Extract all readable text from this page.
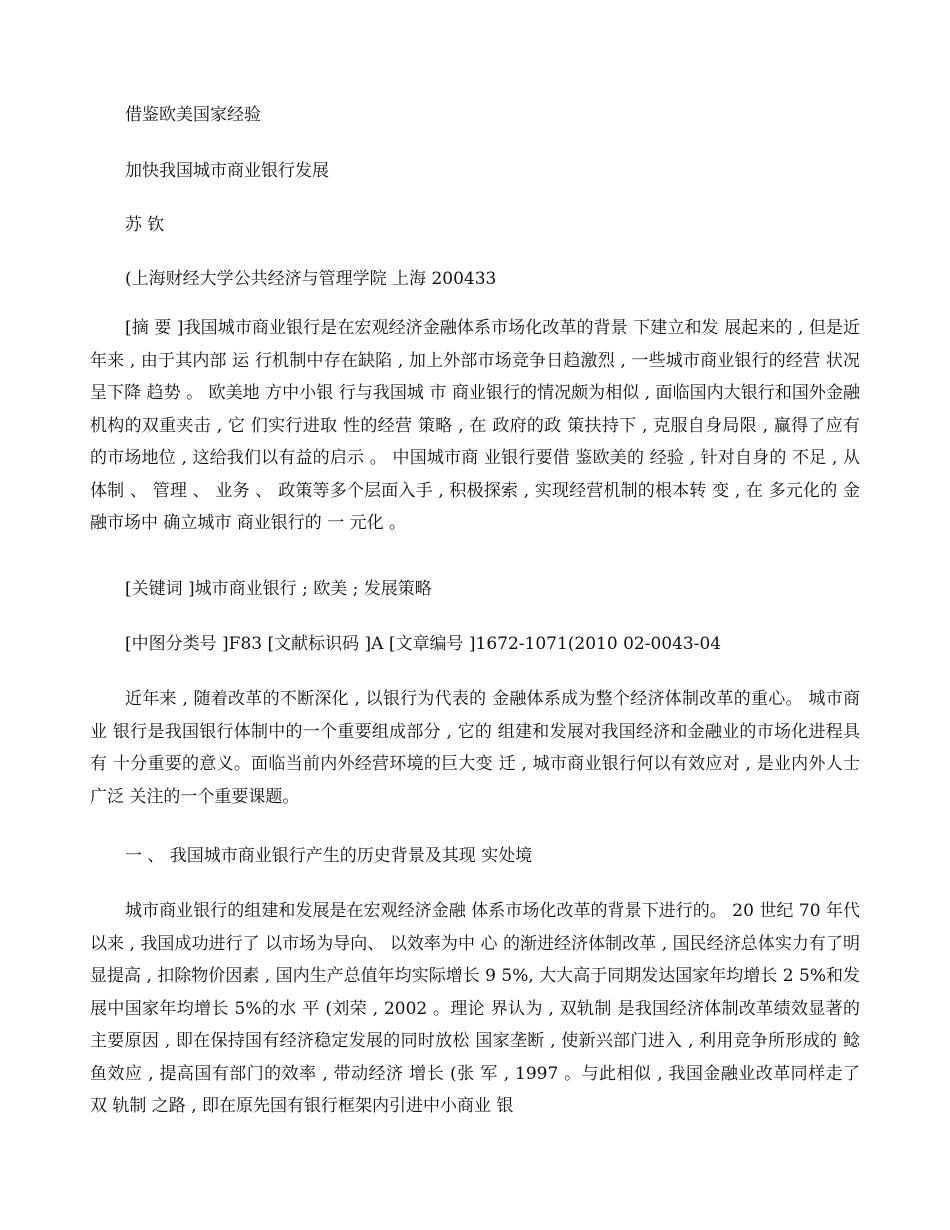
借鉴欧美国家经验
加快我国城市商业银行发展
苏 钦
(上海财经大学公共经济与管理学院 上海 200433
[摘 要 ]我国城市商业银行是在宏观经济金融体系市场化改革的背景 下建立和发 展起来的 , 但是近 年来 , 由于其内部 运 行机制中存在缺陷 , 加上外部市场竞争日趋激烈 , 一些城市商业银行的经营 状况呈下降 趋势 。 欧美地 方中小银 行与我国城 市 商业银行的情况颇为相似 , 面临国内大银行和国外金融 机构的双重夹击 , 它 们实行进取 性的经营 策略 , 在 政府的政 策扶持下 , 克服自身局限 , 赢得了应有的市场地位 , 这给我们以有益的启示 。 中国城市商 业银行要借 鉴欧美的 经验 , 针对自身的 不足 , 从 体制 、 管理 、 业务 、 政策等多个层面入手 , 积极探索 , 实现经营机制的根本转 变 , 在 多元化的 金融市场中 确立城市 商业银行的 一 元化 。
[关键词 ]城市商业银行 ; 欧美 ; 发展策略
[中图分类号 ]F83 [文献标识码 ]A [文章编号 ]1672-1071(2010 02-0043-04
近年来 , 随着改革的不断深化 , 以银行为代表的 金融体系成为整个经济体制改革的重心。 城市商业 银行是我国银行体制中的一个重要组成部分 , 它的 组建和发展对我国经济和金融业的市场化进程具有 十分重要的意义。面临当前内外经营环境的巨大变 迁 , 城市商业银行何以有效应对 , 是业内外人士广泛 关注的一个重要课题。
一 、 我国城市商业银行产生的历史背景及其现 实处境
城市商业银行的组建和发展是在宏观经济金融 体系市场化改革的背景下进行的。 20 世纪 70 年代 以来 , 我国成功进行了 以市场为导向、 以效率为中 心 的渐进经济体制改革 , 国民经济总体实力有了明 显提高 , 扣除物价因素 , 国内生产总值年均实际增长 9 5%, 大大高于同期发达国家年均增长 2 5%和发 展中国家年均增长 5%的水 平 (刘荣 , 2002 。理论 界认为 , 双轨制 是我国经济体制改革绩效显著的 主要原因 , 即在保持国有经济稳定发展的同时放松 国家垄断 , 使新兴部门进入 , 利用竞争所形成的 鲶 鱼效应 , 提高国有部门的效率 , 带动经济 增长 (张 军 , 1997 。与此相似 , 我国金融业改革同样走了 双 轨制 之路 , 即在原先国有银行框架内引进中小商业 银
